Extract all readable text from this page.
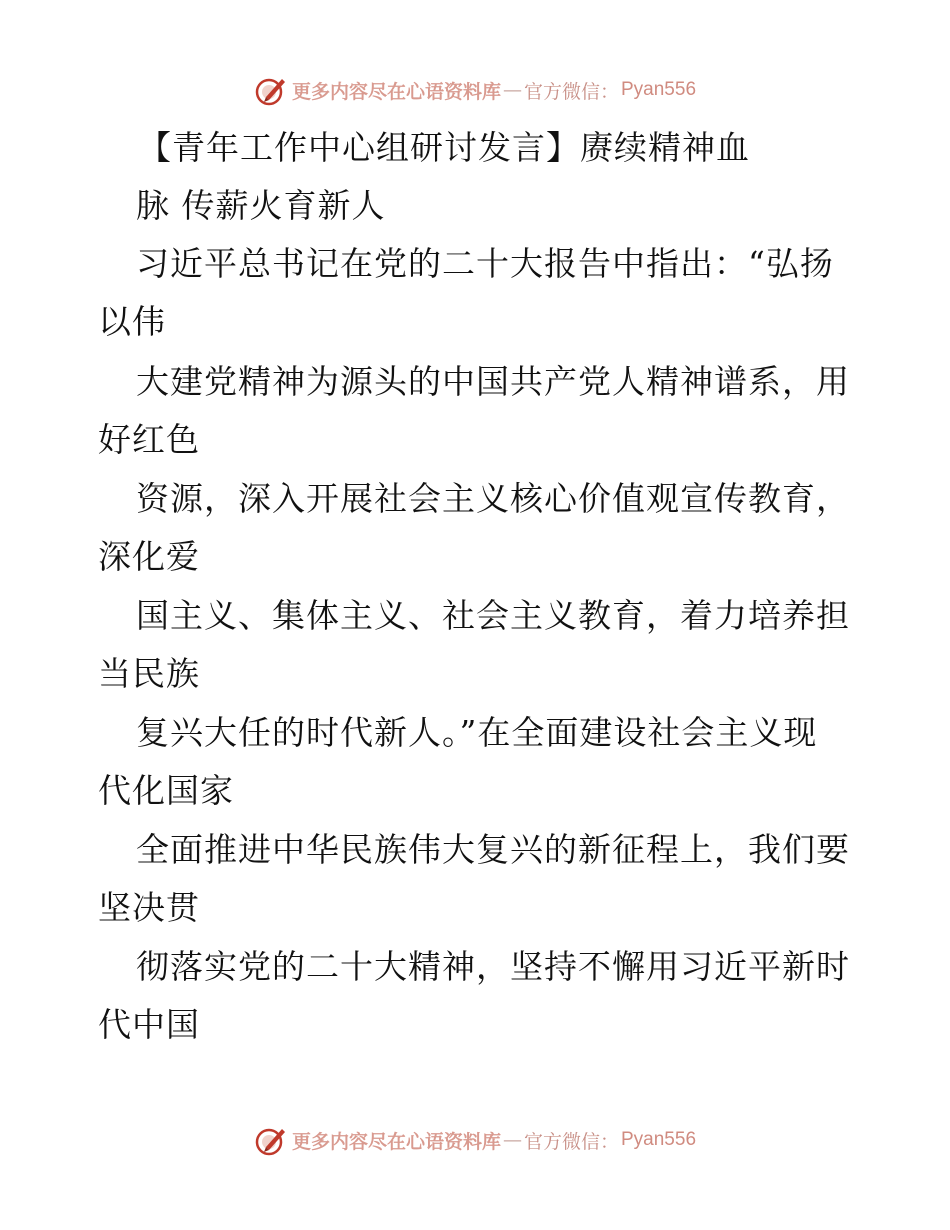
更多内容尽在心语资料库 — 官方微信： Pyan556
【青年工作中心组研讨发言】赓续精神血
脉 传薪火育新人
习近平总书记在党的二十大报告中指出：“弘扬
以伟
大建党精神为源头的中国共产党人精神谱系，用
好红色
资源，深入开展社会主义核心价值观宣传教育，
深化爱
国主义、集体主义、社会主义教育，着力培养担
当民族
复兴大任的时代新人。”在全面建设社会主义现
代化国家
全面推进中华民族伟大复兴的新征程上，我们要
坚决贯
彻落实党的二十大精神，坚持不懈用习近平新时
代中国
更多内容尽在心语资料库 — 官方微信： Pyan556
